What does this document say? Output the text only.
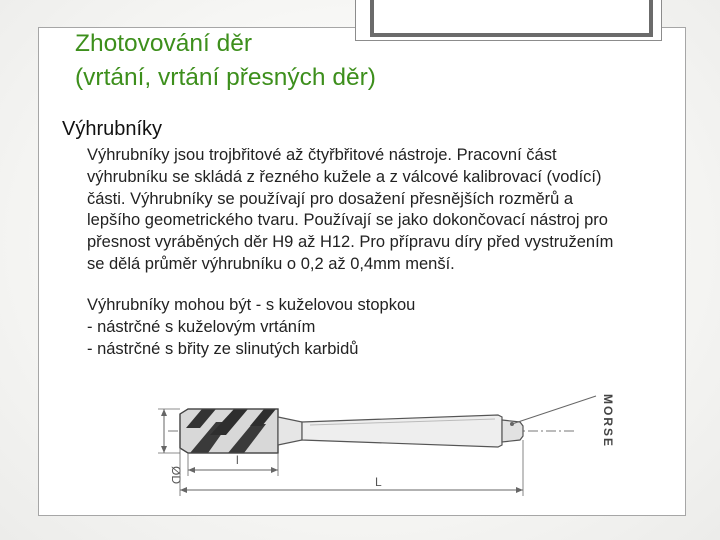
Zhotovování děr
(vrtání, vrtání přesných děr)
Výhrubníky
Výhrubníky jsou trojbřitové až čtyřbřitové nástroje. Pracovní část
výhrubníku se skládá z řezného kužele a z válcové kalibrovací (vodící)
části. Výhrubníky se používají pro dosažení přesnějších rozměrů a
lepšího geometrického tvaru. Používají se jako dokončovací nástroj pro
přesnost vyráběných děr H9 až H12. Pro přípravu díry před vystružením
se dělá průměr výhrubníku o 0,2 až 0,4mm menší.
Výhrubníky mohou být - s kuželovou stopkou
- nástrčné s kuželovým vrtáním
- nástrčné s břity ze slinutých karbidů
ØD
l
L
MORSE
